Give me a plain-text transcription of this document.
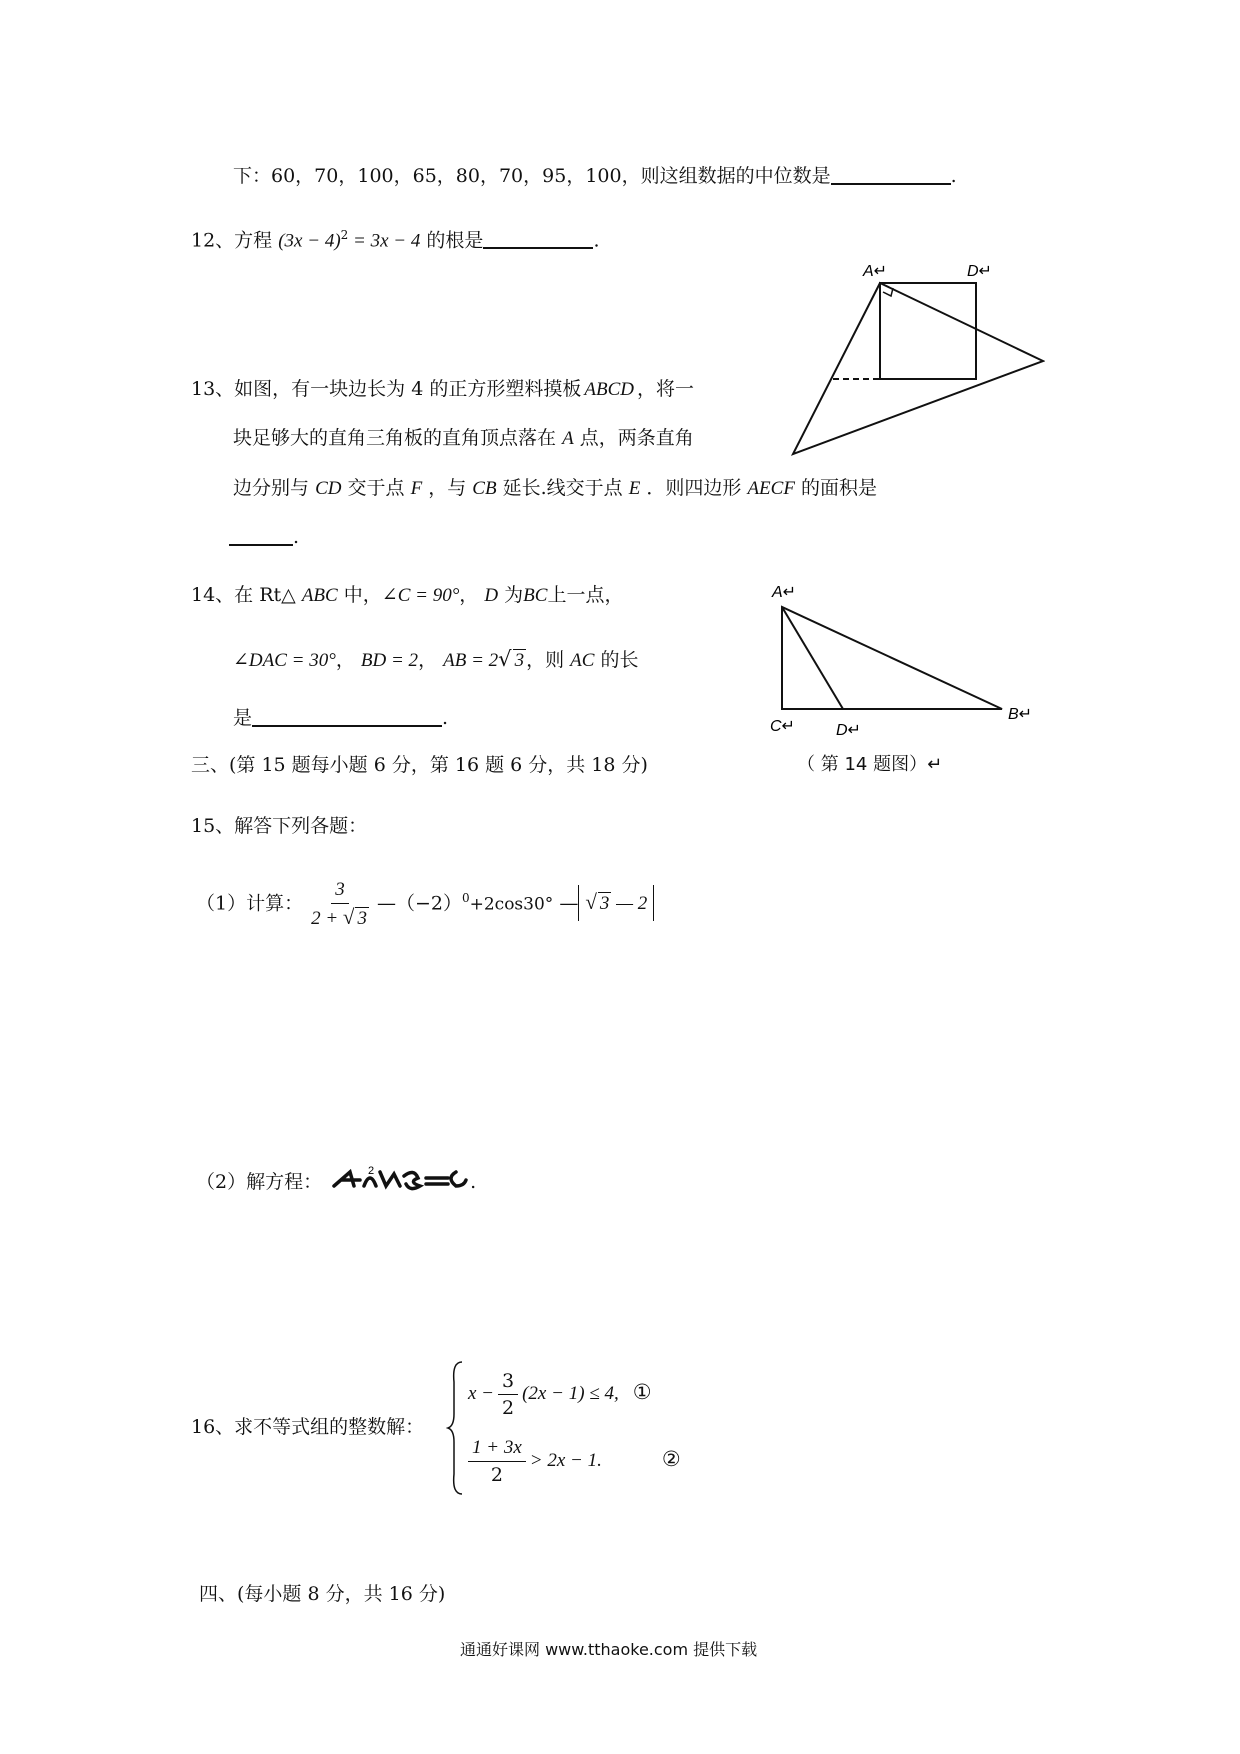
下：60，70，100，65，80，70，95，100，则这组数据的中位数是	.
12、方程 $(3x - 4)^2 = 3x - 4$ 的根是	.
A↵	D↵
13、如图，有一块边长为 4 的正方形塑料摸板 ABCD ，将一
块足够大的直角三角板的直角顶点落在 A 点，两条直角
边分别与 CD 交于点 F ，与 CB 延长.线交于点 E ．则四边形 AECF 的面积是
.
A↵
C↵	D↵
B↵
14、在 Rt△ ABC 中，∠C = 90°， D 为BC上一点，
∠DAC = 30°， BD = 2， AB = 2√ 3 ，则 AC 的长
是	.
三、(第 15 题每小题 6 分，第 16 题 6 分，共 18 分)	（ 第 14 题图）↵
15、解答下列各题：
（1）计算： $\frac{3}{2 + √ 3}$ $—(-2)^0+2\cos 30^\circ$ — √ 3 — 2
（2）解方程：	.
2
16、求不等式组的整数解：
$x - \frac{3}{2} (2x - 1) \le 4$, ①
$\frac{1 + 3x}{2} > 2x - 1$.	②
四、(每小题 8 分，共 16 分)
通通好课网 www.tthaoke.com 提供下载
